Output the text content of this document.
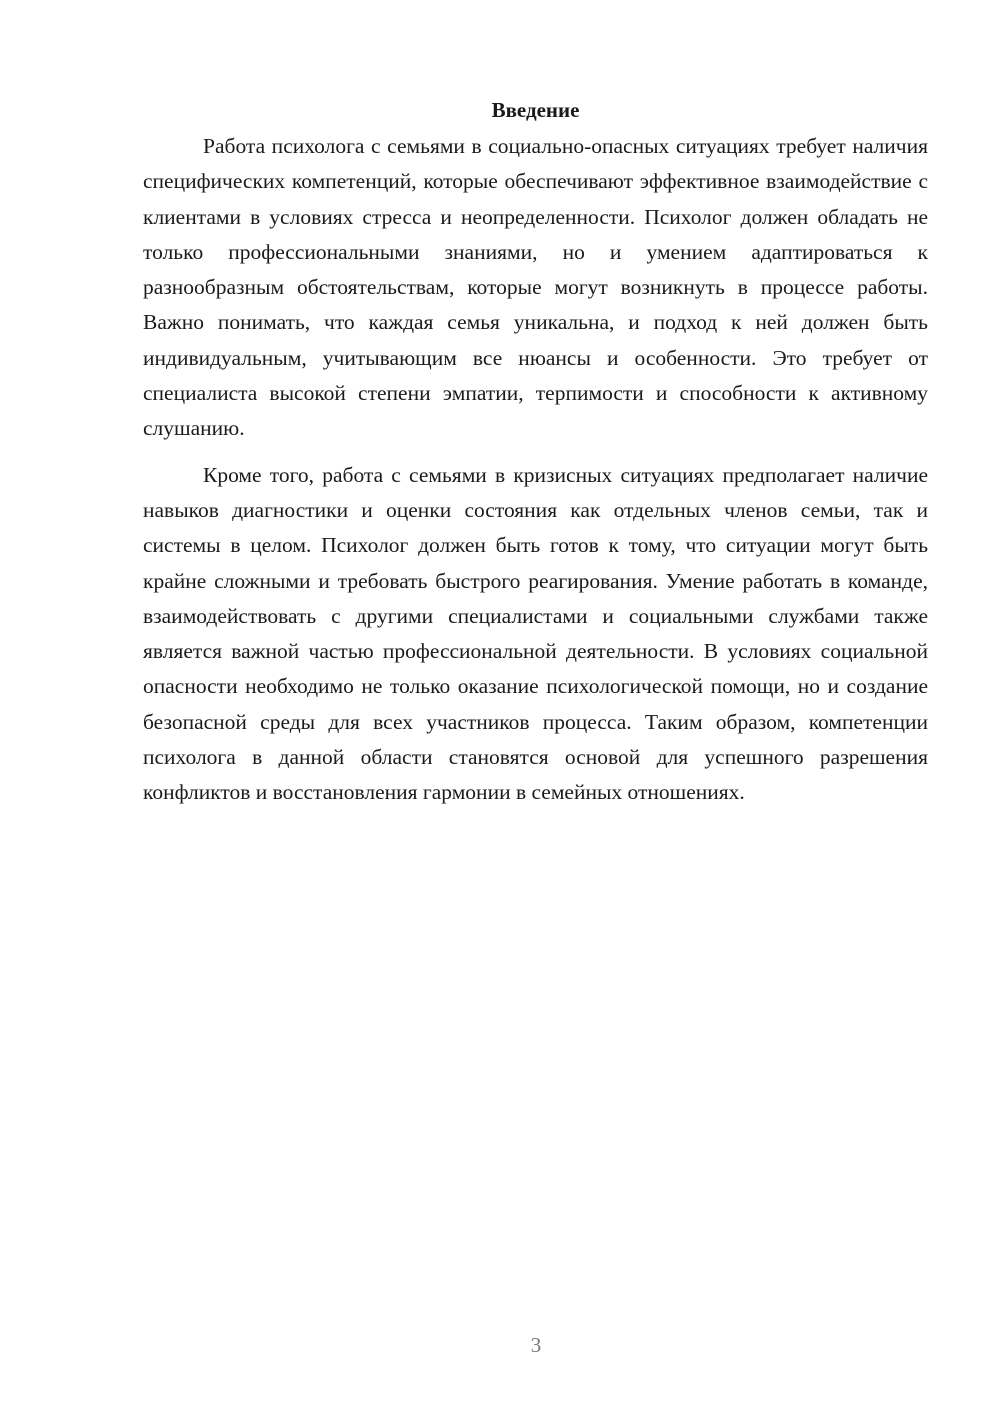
Введение

Работа психолога с семьями в социально-опасных ситуациях требует наличия специфических компетенций, которые обеспечивают эффективное взаимодействие с клиентами в условиях стресса и неопределенности. Психолог должен обладать не только профессиональными знаниями, но и умением адаптироваться к разнообразным обстоятельствам, которые могут возникнуть в процессе работы. Важно понимать, что каждая семья уникальна, и подход к ней должен быть индивидуальным, учитывающим все нюансы и особенности. Это требует от специалиста высокой степени эмпатии, терпимости и способности к активному слушанию.

Кроме того, работа с семьями в кризисных ситуациях предполагает наличие навыков диагностики и оценки состояния как отдельных членов семьи, так и системы в целом. Психолог должен быть готов к тому, что ситуации могут быть крайне сложными и требовать быстрого реагирования. Умение работать в команде, взаимодействовать с другими специалистами и социальными службами также является важной частью профессиональной деятельности. В условиях социальной опасности необходимо не только оказание психологической помощи, но и создание безопасной среды для всех участников процесса. Таким образом, компетенции психолога в данной области становятся основой для успешного разрешения конфликтов и восстановления гармонии в семейных отношениях.

3
